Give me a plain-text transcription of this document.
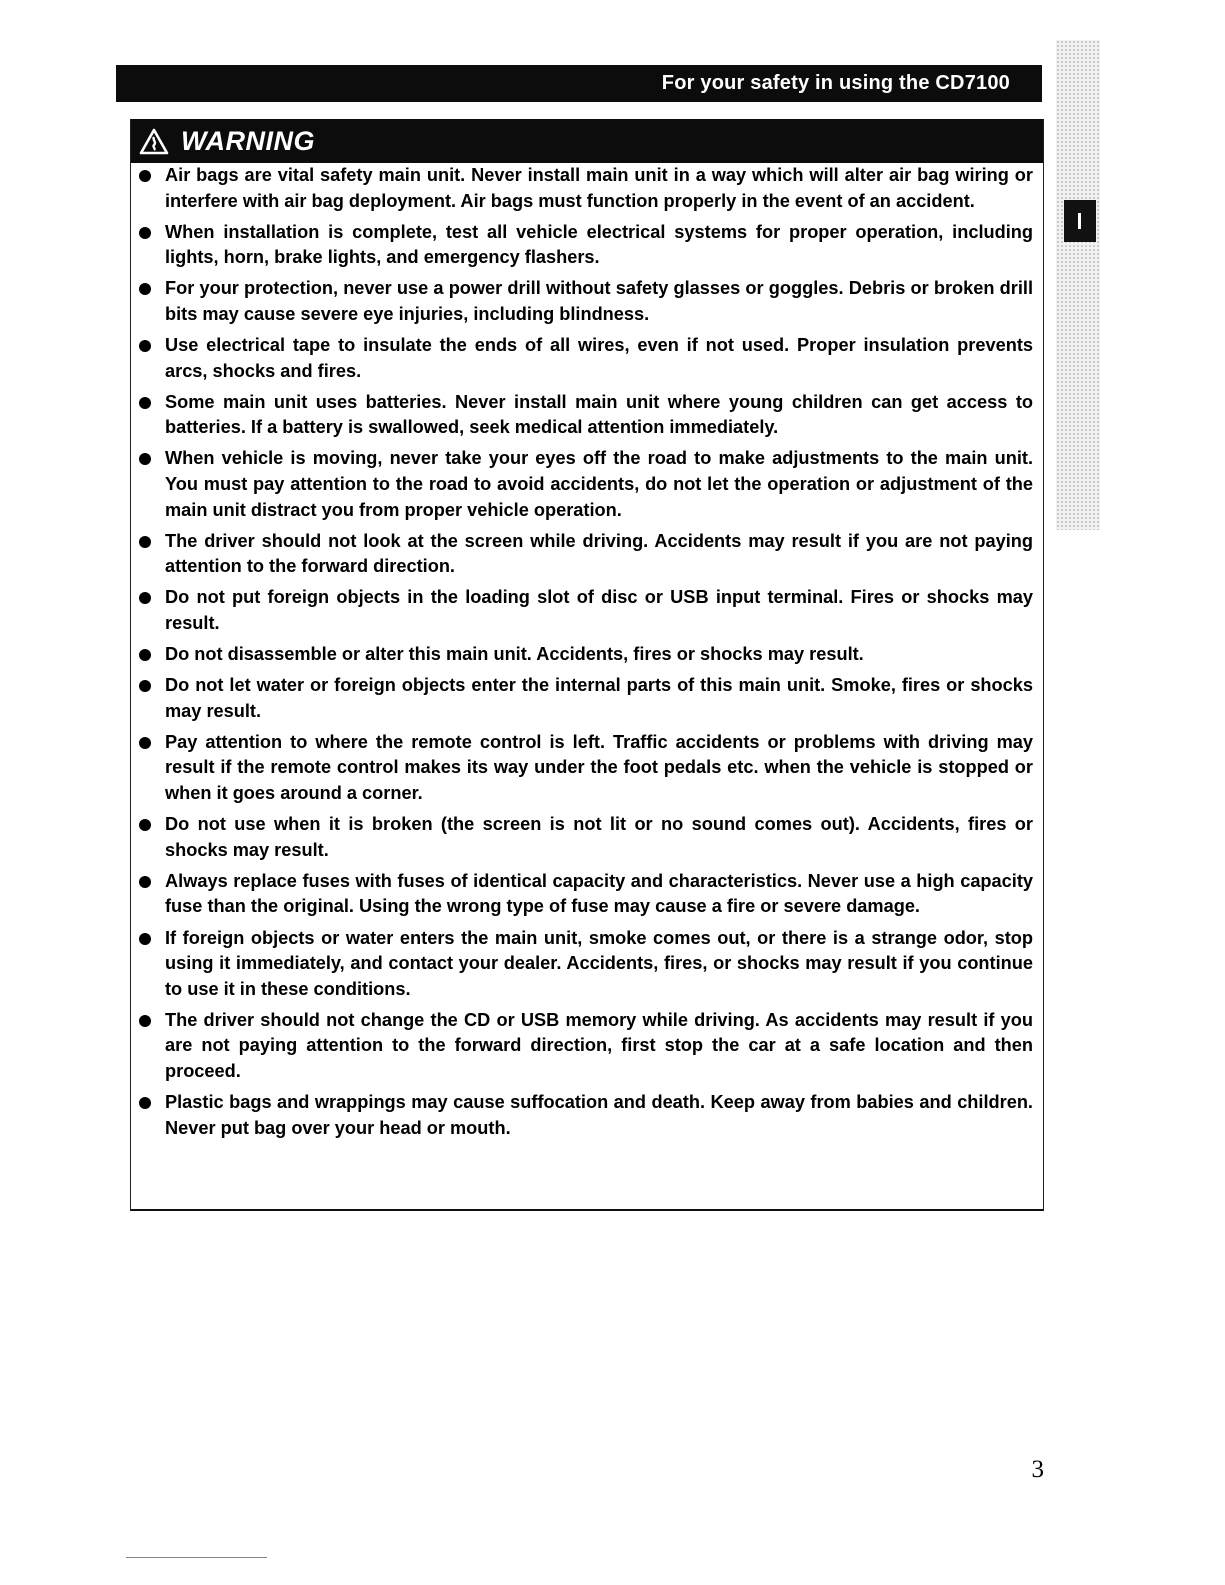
For your safety in using the CD7100
WARNING
Air bags are vital safety main unit. Never install main unit in a way which will alter air bag wiring or interfere with air bag deployment. Air bags must function properly in the event of an accident.
When installation is complete, test all vehicle electrical systems for proper operation, including lights, horn, brake lights, and emergency flashers.
For your protection, never use a power drill without safety glasses or goggles. Debris or broken drill bits may cause severe eye injuries, including blindness.
Use electrical tape to insulate the ends of all wires, even if not used. Proper insulation prevents arcs, shocks and fires.
Some main unit uses batteries. Never install main unit where young children can get access to batteries. If a battery is swallowed, seek medical attention immediately.
When vehicle is moving, never take your eyes off the road to make adjustments to the main unit. You must pay attention to the road to avoid accidents, do not let the operation or adjustment of the main unit distract you from proper vehicle operation.
The driver should not look at the screen while driving. Accidents may result if you are not paying attention to the forward direction.
Do not put foreign objects in the loading slot of disc or USB input terminal. Fires or shocks may result.
Do not disassemble or alter this main unit. Accidents, fires or shocks may result.
Do not let water or foreign objects enter the internal parts of this main unit. Smoke, fires or shocks may result.
Pay attention to where the remote control is left. Traffic accidents or problems with driving may result if the remote control makes its way under the foot pedals etc. when the vehicle is stopped or when it goes around a corner.
Do not use when it is broken (the screen is not lit or no sound comes out). Accidents, fires or shocks may result.
Always replace fuses with fuses of identical capacity and characteristics. Never use a high capacity fuse than the original. Using the wrong type of fuse may cause a fire or severe damage.
If foreign objects or water enters the main unit, smoke comes out, or there is a strange odor, stop using it immediately, and contact your dealer. Accidents, fires, or shocks may result if you continue to use it in these conditions.
The driver should not change the CD or USB memory while driving. As accidents may result if you are not paying attention to the forward direction, first stop the car at a safe location and then proceed.
Plastic bags and wrappings may cause suffocation and death. Keep away from babies and children. Never put bag over your head or mouth.
3
